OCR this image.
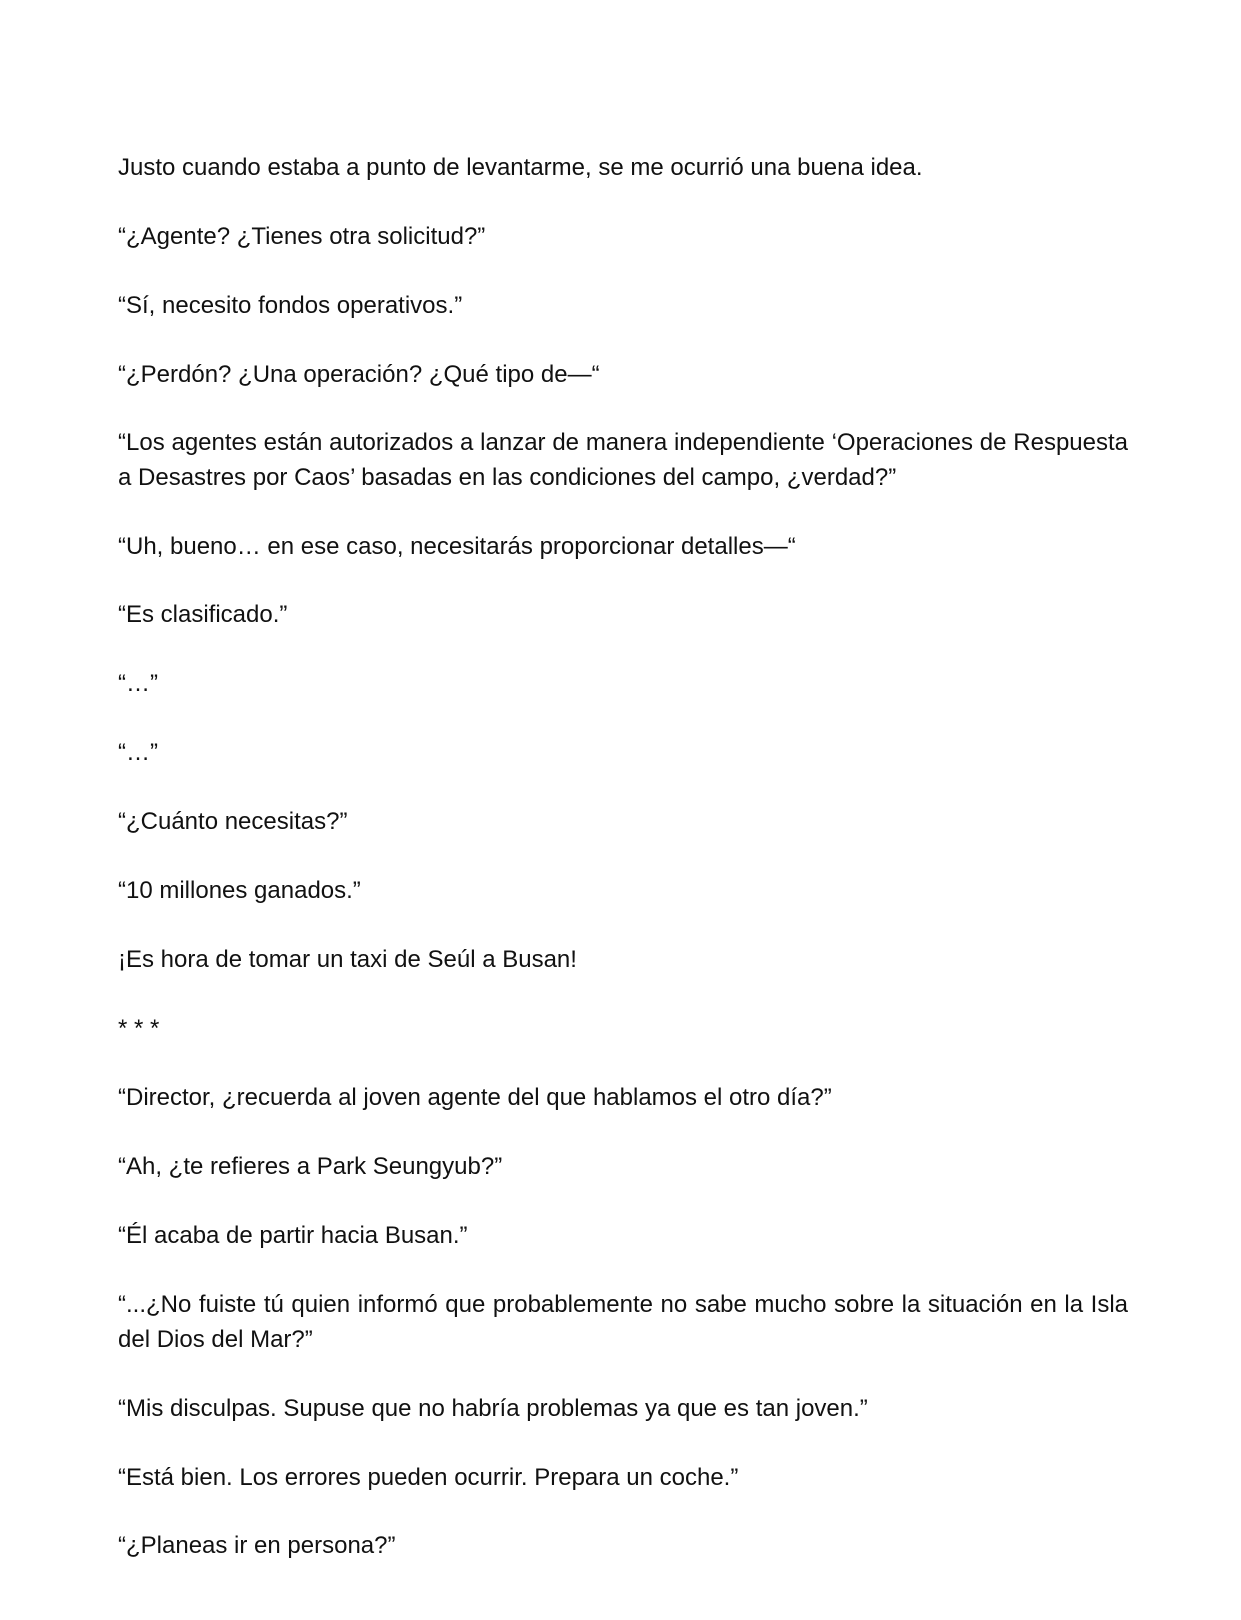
Justo cuando estaba a punto de levantarme, se me ocurrió una buena idea.

“¿Agente? ¿Tienes otra solicitud?”

“Sí, necesito fondos operativos.”

“¿Perdón? ¿Una operación? ¿Qué tipo de—“

“Los agentes están autorizados a lanzar de manera independiente ‘Operaciones de Respuesta a Desastres por Caos’ basadas en las condiciones del campo, ¿verdad?”

“Uh, bueno… en ese caso, necesitarás proporcionar detalles—“

“Es clasificado.”

“…”

“…”

“¿Cuánto necesitas?”

“10 millones ganados.”

¡Es hora de tomar un taxi de Seúl a Busan!

* * *

“Director, ¿recuerda al joven agente del que hablamos el otro día?”

“Ah, ¿te refieres a Park Seungyub?”

“Él acaba de partir hacia Busan.”

“...¿No fuiste tú quien informó que probablemente no sabe mucho sobre la situación en la Isla del Dios del Mar?”

“Mis disculpas. Supuse que no habría problemas ya que es tan joven.”

“Está bien. Los errores pueden ocurrir. Prepara un coche.”

“¿Planeas ir en persona?”
